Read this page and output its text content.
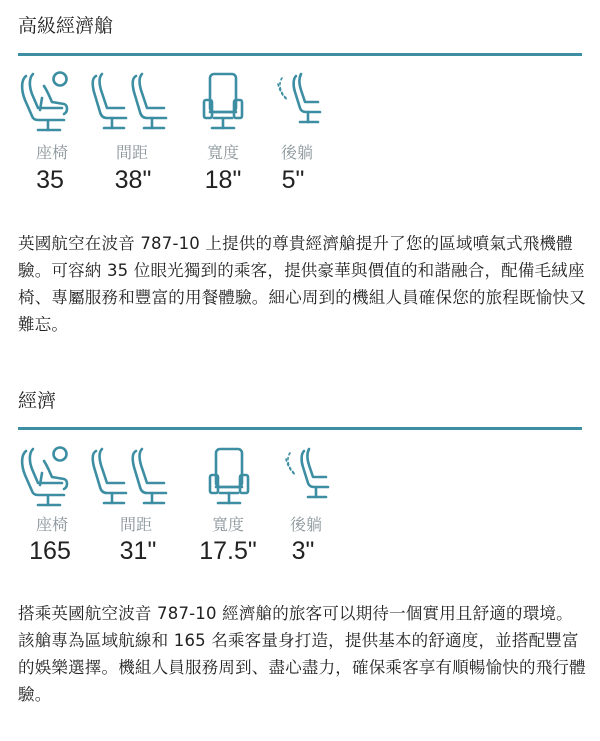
高級經濟艙
座椅	間距	寬度	後躺
35	38"	18"	5"
英國航空在波音 787-10 上提供的尊貴經濟艙提升了您的區域噴氣式飛機體驗。可容納 35 位眼光獨到的乘客，提供豪華與價值的和諧融合，配備毛絨座椅、專屬服務和豐富的用餐體驗。細心周到的機組人員確保您的旅程既愉快又難忘。
經濟
座椅	間距	寬度	後躺
165	31"	17.5"	3"
搭乘英國航空波音 787-10 經濟艙的旅客可以期待一個實用且舒適的環境。該艙專為區域航線和 165 名乘客量身打造，提供基本的舒適度，並搭配豐富的娛樂選擇。機組人員服務周到、盡心盡力，確保乘客享有順暢愉快的飛行體驗。
